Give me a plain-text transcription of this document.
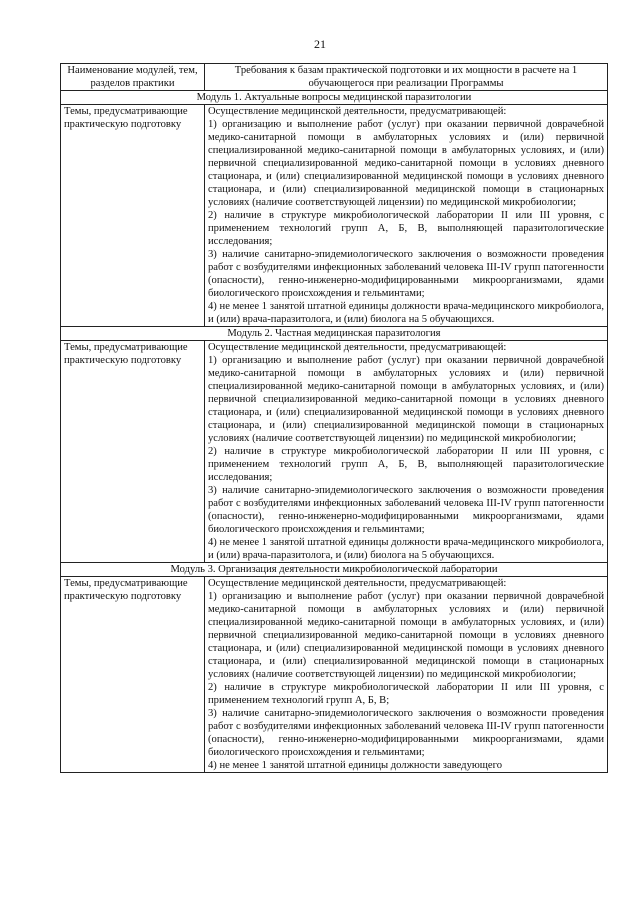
21
Наименование модулей, тем, разделов практики	Требования к базам практической подготовки и их мощности в расчете на 1 обучающегося при реализации Программы
Модуль 1. Актуальные вопросы медицинской паразитологии	
Темы, предусматривающие практическую подготовку	Осуществление медицинской деятельности, предусматривающей:

1) организацию и выполнение работ (услуг) при оказании первичной доврачебной медико-санитарной помощи в амбулаторных условиях и (или) первичной специализированной медико-санитарной помощи в амбулаторных условиях, и (или) первичной специализированной медико-санитарной помощи в условиях дневного стационара, и (или) специализированной медицинской помощи в условиях дневного стационара, и (или) специализированной медицинской помощи в стационарных условиях (наличие соответствующей лицензии) по медицинской микробиологии;

2) наличие в структуре микробиологической лаборатории II или III уровня, с применением технологий групп А, Б, В, выполняющей паразитологические исследования;

3) наличие санитарно-эпидемиологического заключения о возможности проведения работ с возбудителями инфекционных заболеваний человека III-IV групп патогенности (опасности), генно-инженерно-модифицированными микроорганизмами, ядами биологического происхождения и гельминтами;

4) не менее 1 занятой штатной единицы должности врача-медицинского микробиолога, и (или) врача-паразитолога, и (или) биолога на 5 обучающихся.

Модуль 2. Частная медицинская паразитология	
Темы, предусматривающие практическую подготовку	Осуществление медицинской деятельности, предусматривающей:

1) организацию и выполнение работ (услуг) при оказании первичной доврачебной медико-санитарной помощи в амбулаторных условиях и (или) первичной специализированной медико-санитарной помощи в амбулаторных условиях, и (или) первичной специализированной медико-санитарной помощи в условиях дневного стационара, и (или) специализированной медицинской помощи в условиях дневного стационара, и (или) специализированной медицинской помощи в стационарных условиях (наличие соответствующей лицензии) по медицинской микробиологии;

2) наличие в структуре микробиологической лаборатории II или III уровня, с применением технологий групп А, Б, В, выполняющей паразитологические исследования;

3) наличие санитарно-эпидемиологического заключения о возможности проведения работ с возбудителями инфекционных заболеваний человека III-IV групп патогенности (опасности), генно-инженерно-модифицированными микроорганизмами, ядами биологического происхождения и гельминтами;

4) не менее 1 занятой штатной единицы должности врача-медицинского микробиолога, и (или) врача-паразитолога, и (или) биолога на 5 обучающихся.

Модуль 3. Организация деятельности микробиологической лаборатории	
Темы, предусматривающие практическую подготовку	Осуществление медицинской деятельности, предусматривающей:

1) организацию и выполнение работ (услуг) при оказании первичной доврачебной медико-санитарной помощи в амбулаторных условиях и (или) первичной специализированной медико-санитарной помощи в амбулаторных условиях, и (или) первичной специализированной медико-санитарной помощи в условиях дневного стационара, и (или) специализированной медицинской помощи в условиях дневного стационара, и (или) специализированной медицинской помощи в стационарных условиях (наличие соответствующей лицензии) по медицинской микробиологии;

2) наличие в структуре микробиологической лаборатории II или III уровня, с применением технологий групп А, Б, В;

3) наличие санитарно-эпидемиологического заключения о возможности проведения работ с возбудителями инфекционных заболеваний человека III-IV групп патогенности (опасности), генно-инженерно-модифицированными микроорганизмами, ядами биологического происхождения и гельминтами;

4) не менее 1 занятой штатной единицы должности заведующего
